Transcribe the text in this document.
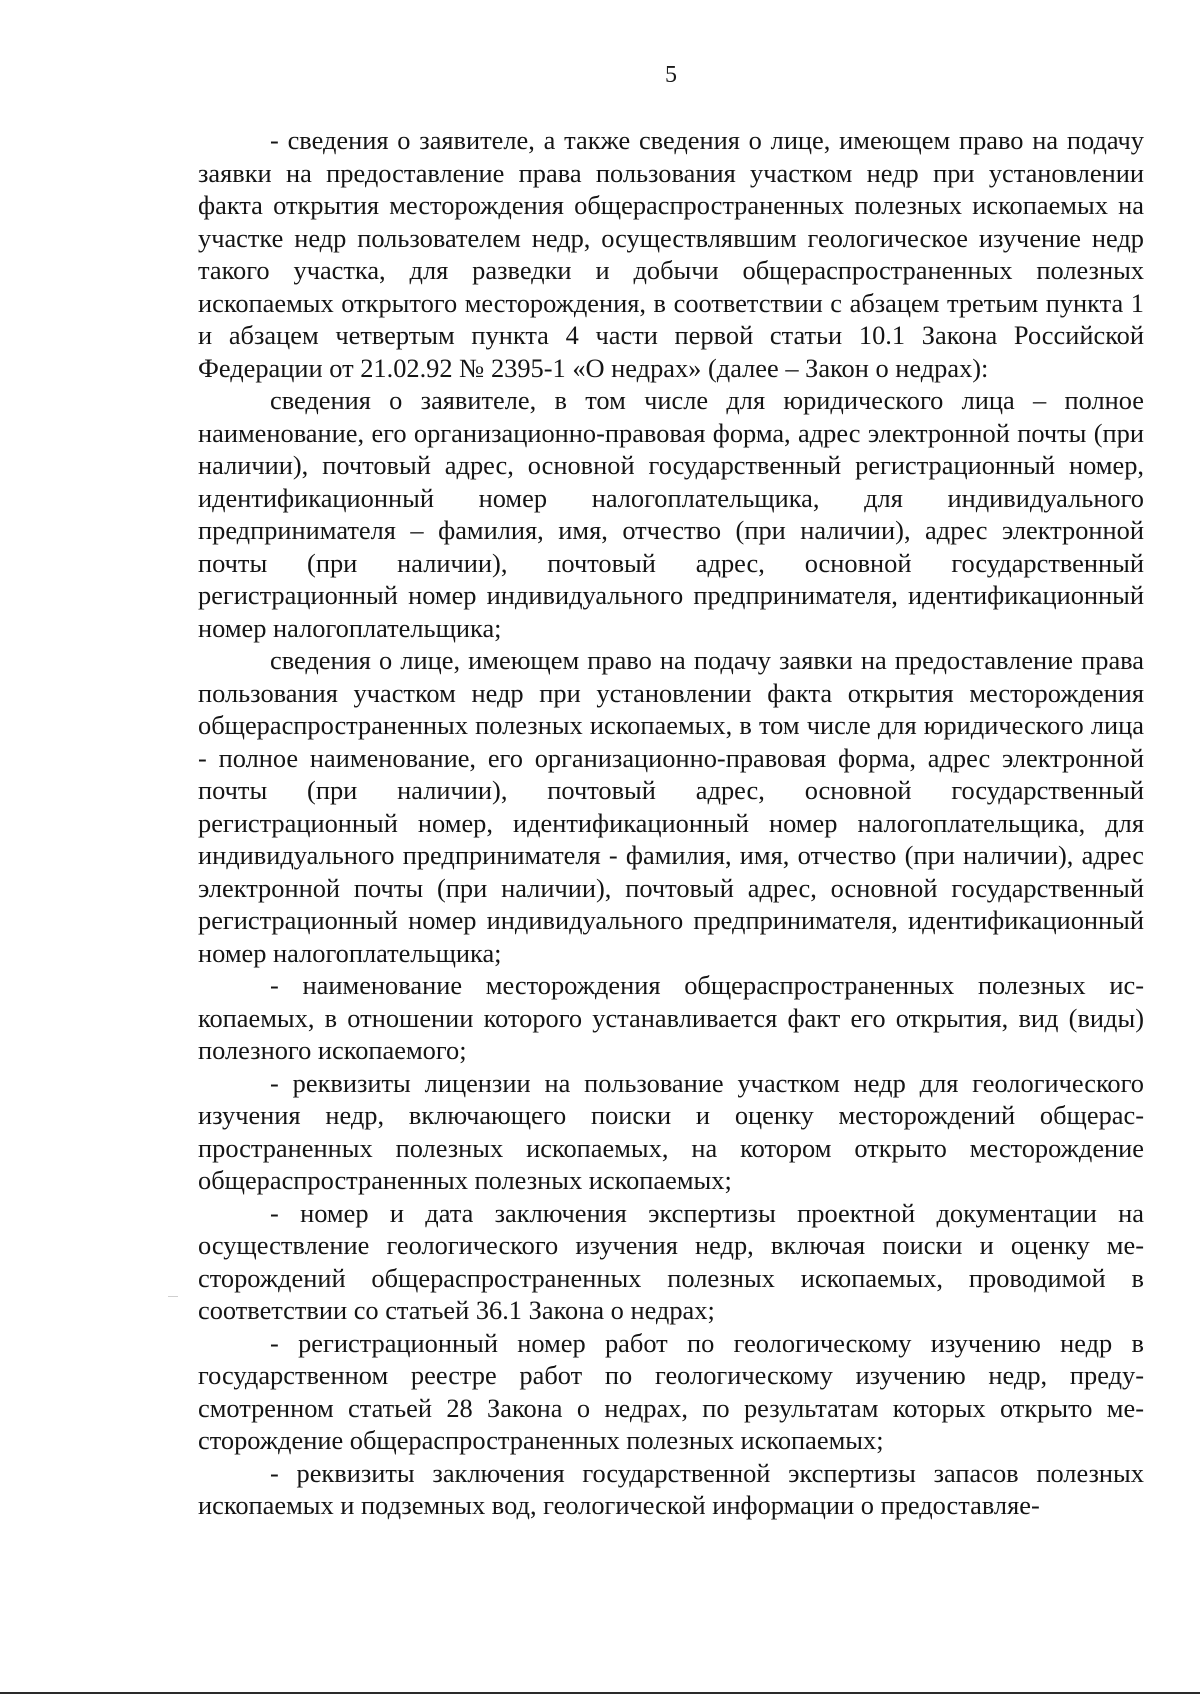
5

- сведения о заявителе, а также сведения о лице, имеющем право на подачу заявки на предоставление права пользования участком недр при установлении факта открытия месторождения общераспространенных полезных ископаемых на участке недр пользователем недр, осуществлявшим геологическое изучение недр такого участка, для разведки и добычи общераспространенных полезных ископаемых открытого месторождения, в соответствии с абзацем третьим пункта 1 и абзацем четвертым пункта 4 части первой статьи 10.1 Закона Российской Федерации от 21.02.92 № 2395-1 «О недрах» (далее – Закон о недрах):

сведения о заявителе, в том числе для юридического лица – полное наименование, его организационно-правовая форма, адрес электронной почты (при наличии), почтовый адрес, основной государственный регистрационный номер, идентификационный номер налогоплательщика, для индивидуального предпринимателя – фамилия, имя, отчество (при наличии), адрес электронной почты (при наличии), почтовый адрес, основной государственный регистрационный номер индивидуального предпринимателя, идентификационный номер налогоплательщика;

сведения о лице, имеющем право на подачу заявки на предоставление права пользования участком недр при установлении факта открытия месторождения общераспространенных полезных ископаемых, в том числе для юридического лица - полное наименование, его организационно-правовая форма, адрес электронной почты (при наличии), почтовый адрес, основной государственный регистрационный номер, идентификационный номер налогоплательщика, для индивидуального предпринимателя - фамилия, имя, отчество (при наличии), адрес электронной почты (при наличии), почтовый адрес, основной государственный регистрационный номер индивидуального предпринимателя, идентификационный номер налогоплательщика;

- наименование месторождения общераспространенных полезных ископаемых, в отношении которого устанавливается факт его открытия, вид (виды) полезного ископаемого;

- реквизиты лицензии на пользование участком недр для геологического изучения недр, включающего поиски и оценку месторождений общераспространенных полезных ископаемых, на котором открыто месторождение общераспространенных полезных ископаемых;

- номер и дата заключения экспертизы проектной документации на осуществление геологического изучения недр, включая поиски и оценку месторождений общераспространенных полезных ископаемых, проводимой в соответствии со статьей 36.1 Закона о недрах;

- регистрационный номер работ по геологическому изучению недр в государственном реестре работ по геологическому изучению недр, предусмотренном статьей 28 Закона о недрах, по результатам которых открыто месторождение общераспространенных полезных ископаемых;

- реквизиты заключения государственной экспертизы запасов полезных ископаемых и подземных вод, геологической информации о предоставляе-
